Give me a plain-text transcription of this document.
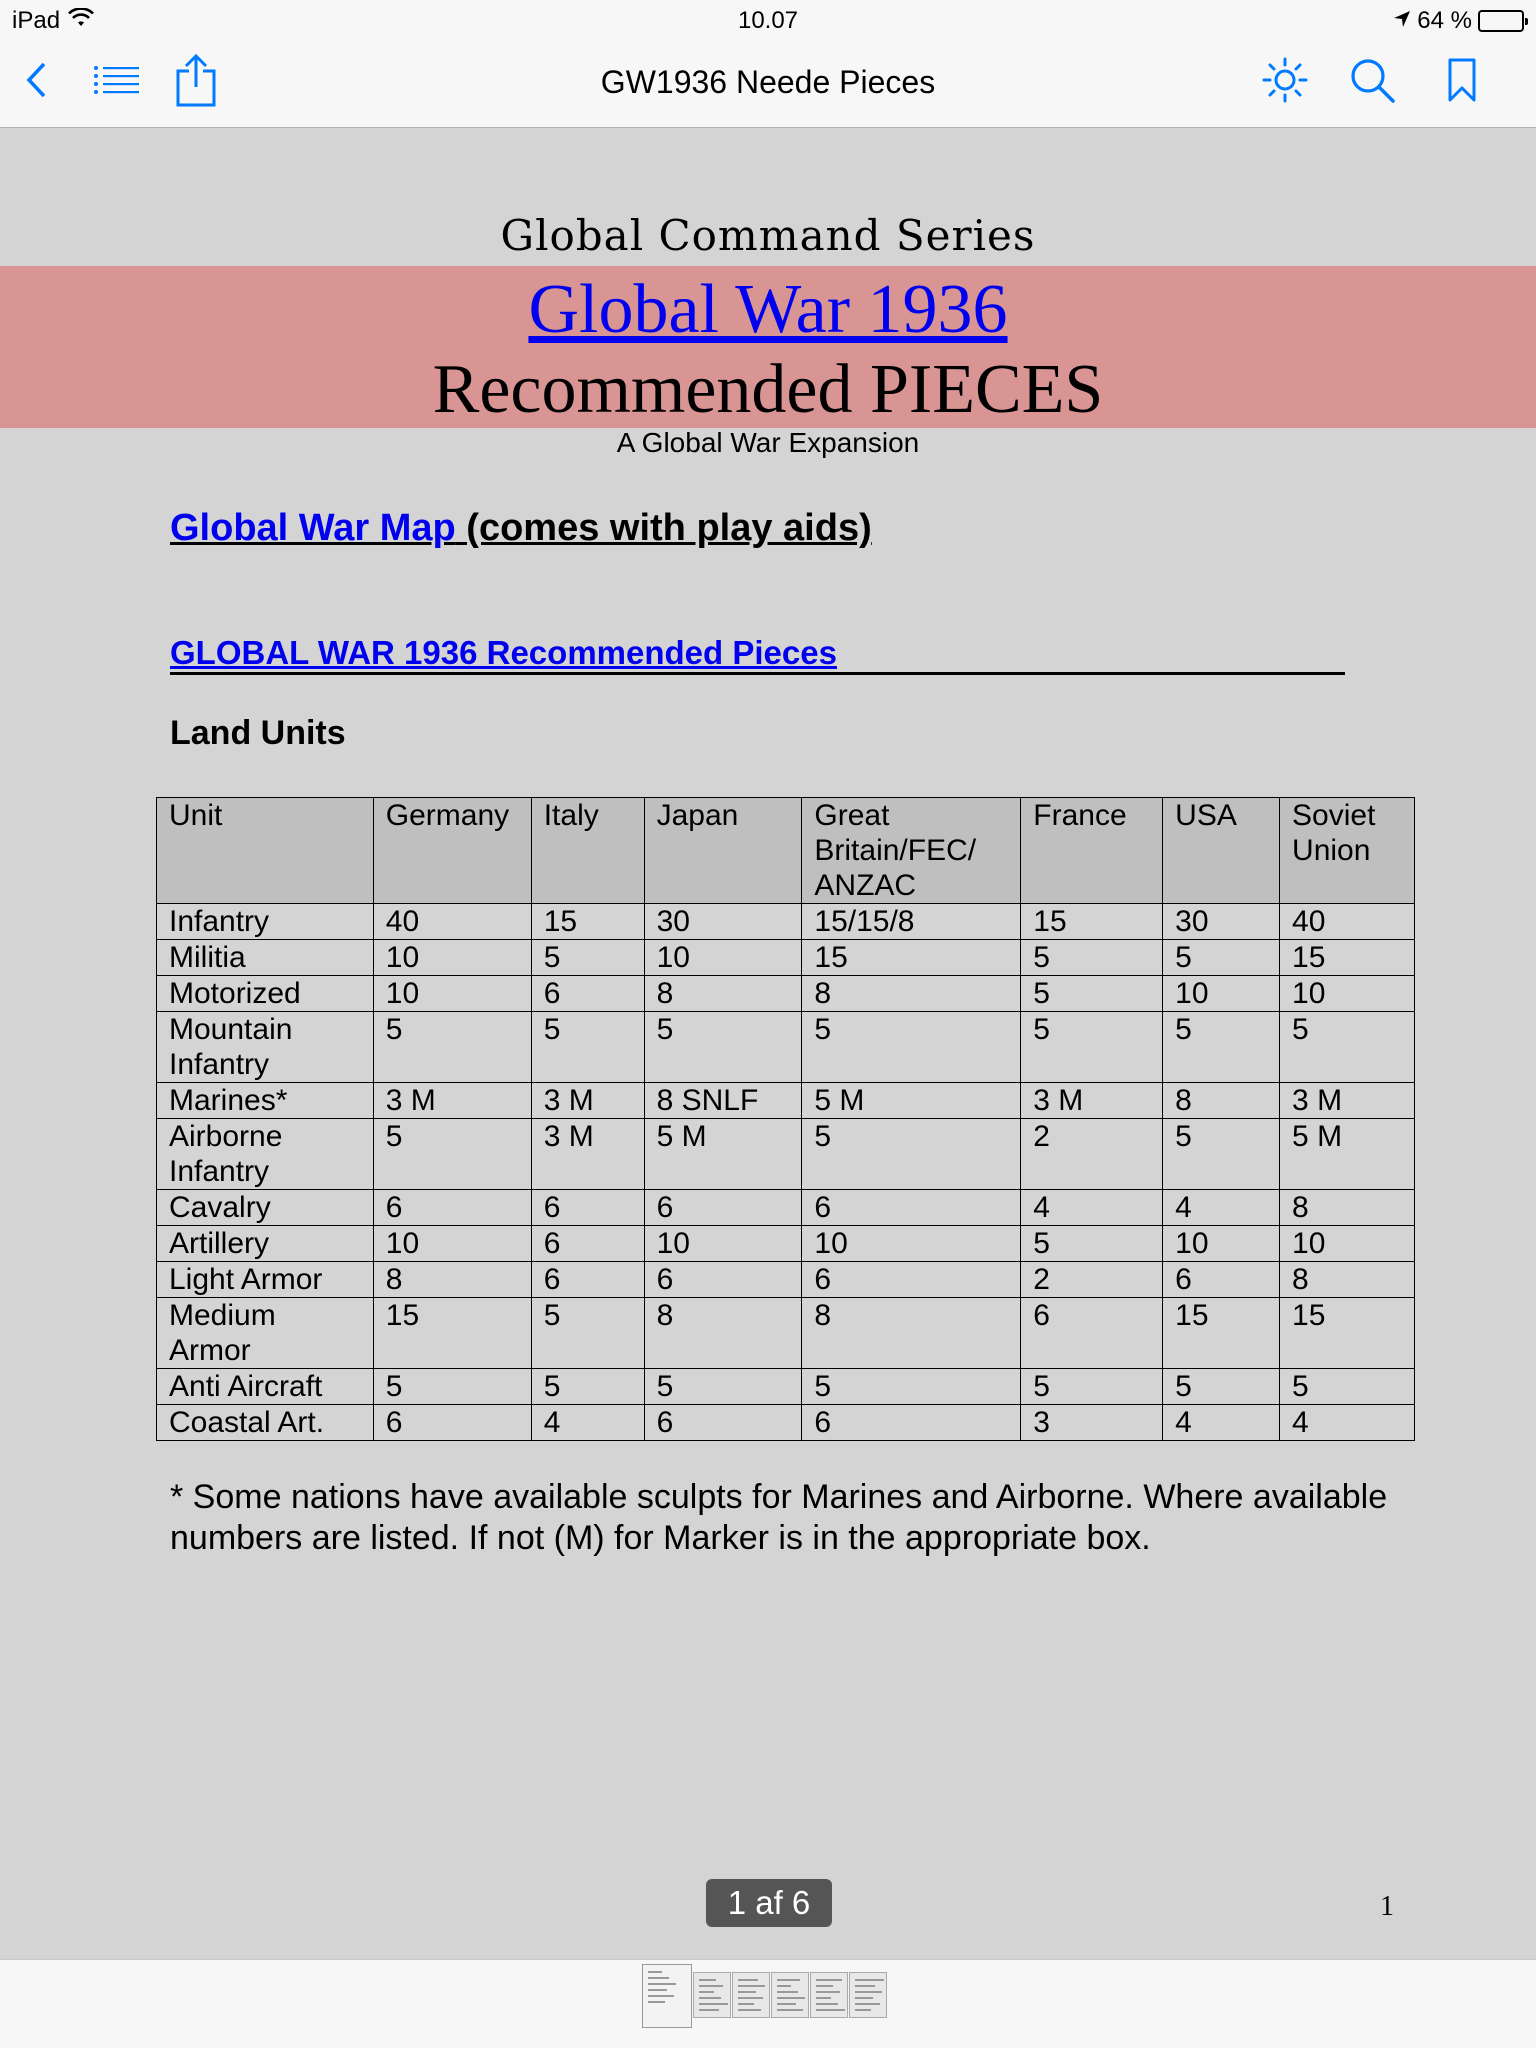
iPad	10.07	64 %
GW1936 Neede Pieces
Global Command Series
Global War 1936
Recommended PIECES
A Global War Expansion
Global War Map (comes with play aids)
GLOBAL WAR 1936 Recommended Pieces
Land Units
Unit	Germany	Italy	Japan	Great Britain/FEC/ ANZAC	France	USA	Soviet Union
Infantry	40	15	30	15/15/8	15	30	40
Militia	10	5	10	15	5	5	15
Motorized	10	6	8	8	5	10	10
Mountain Infantry	5	5	5	5	5	5	5
Marines*	3 M	3 M	8 SNLF	5 M	3 M	8	3 M
Airborne Infantry	5	3 M	5 M	5	2	5	5 M
Cavalry	6	6	6	6	4	4	8
Artillery	10	6	10	10	5	10	10
Light Armor	8	6	6	6	2	6	8
Medium Armor	15	5	8	8	6	15	15
Anti Aircraft	5	5	5	5	5	5	5
Coastal Art.	6	4	6	6	3	4	4
* Some nations have available sculpts for Marines and Airborne. Where available numbers are listed. If not (M) for Marker is in the appropriate box.
1 af 6	1
